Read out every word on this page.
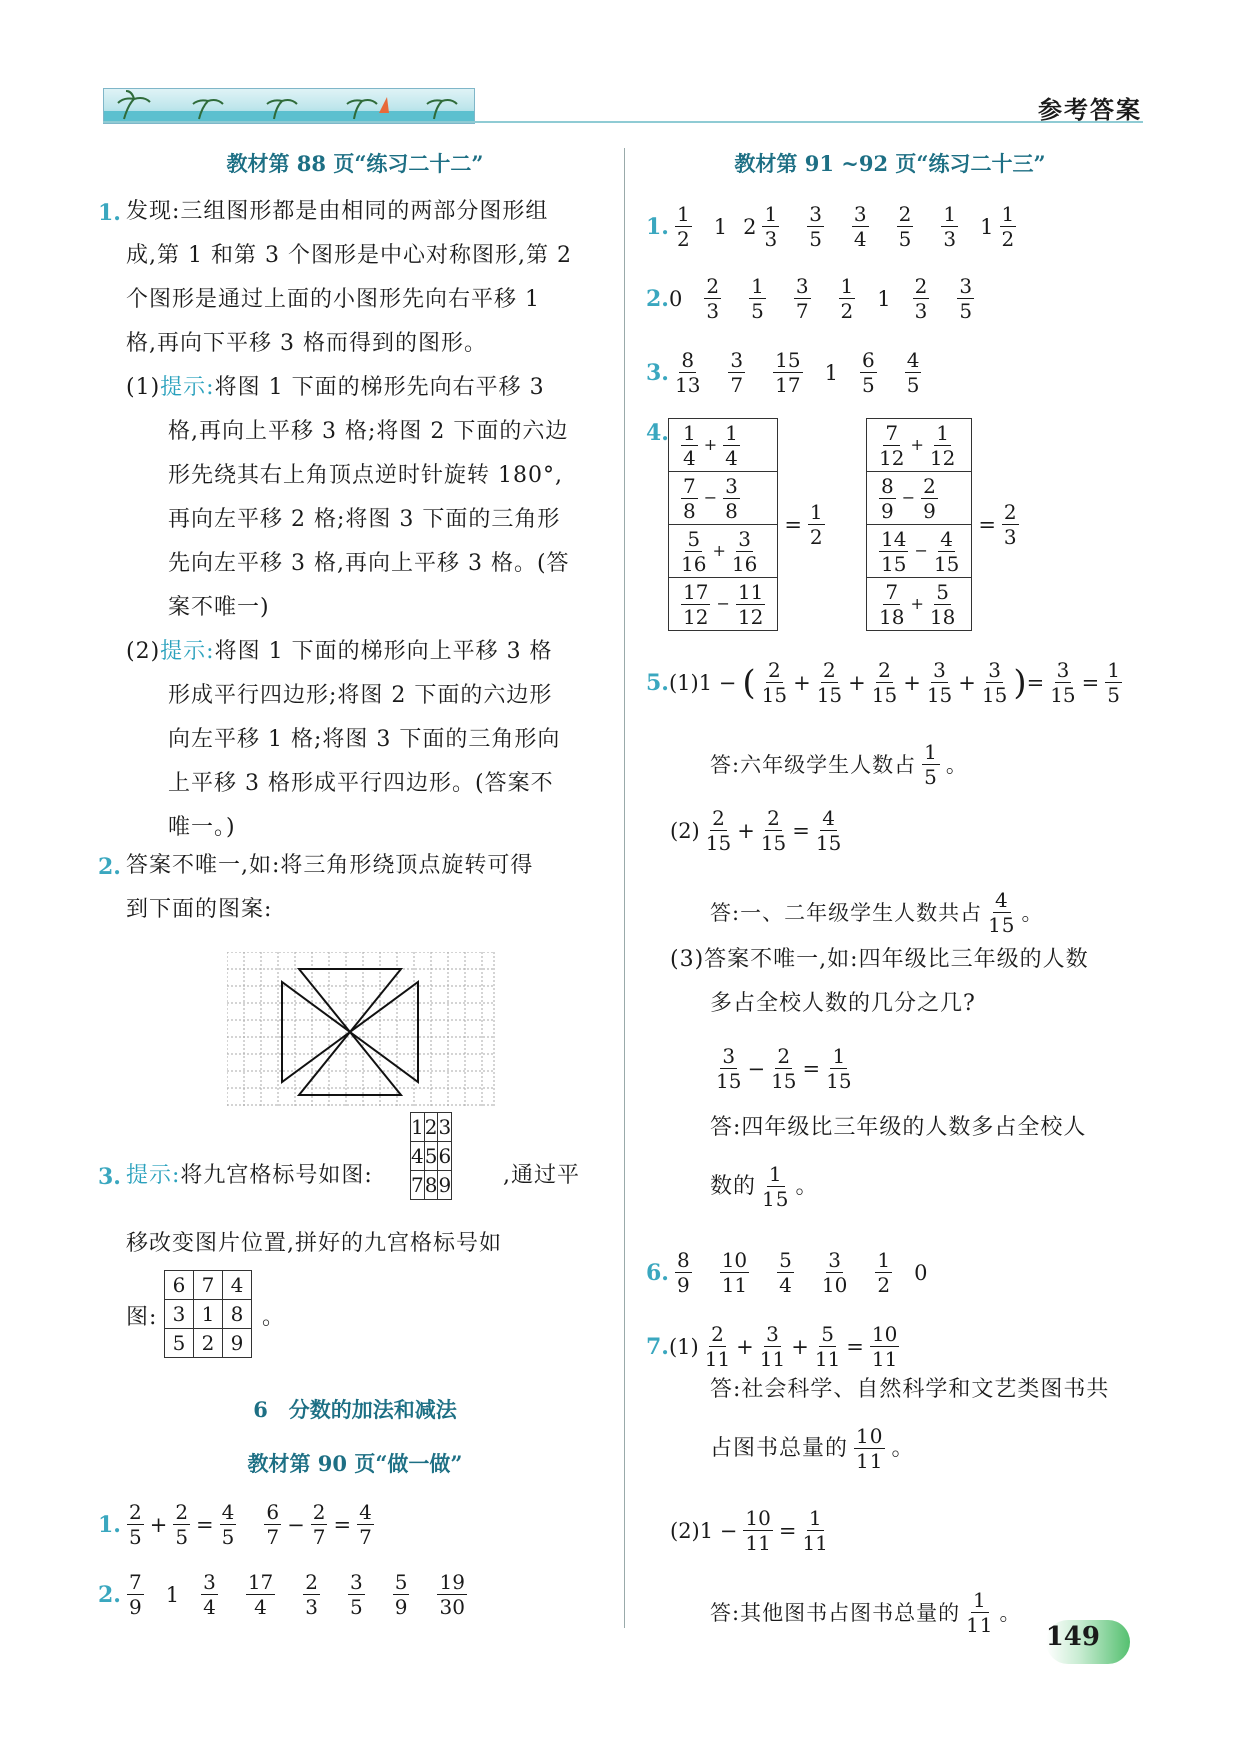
参考答案
教材第 88 页“练习二十二”
1. 发现:三组图形都是由相同的两部分图形组
成,第 1 和第 3 个图形是中心对称图形,第 2
个图形是通过上面的小图形先向右平移 1
格,再向下平移 3 格而得到的图形。
(1)提示:将图 1 下面的梯形先向右平移 3
格,再向上平移 3 格;将图 2 下面的六边
形先绕其右上角顶点逆时针旋转 180°,
再向左平移 2 格;将图 3 下面的三角形
先向左平移 3 格,再向上平移 3 格。(答
案不唯一)
(2)提示:将图 1 下面的梯形向上平移 3 格
形成平行四边形;将图 2 下面的六边形
向左平移 1 格;将图 3 下面的三角形向
上平移 3 格形成平行四边形。(答案不
唯一。)
2. 答案不唯一,如:将三角形绕顶点旋转可得
到下面的图案:
3. 提示:将九宫格标号如图:
1	2	3
4	5	6
7	8	9 ,通过平
移改变图片位置,拼好的九宫格标号如
图:
6	7	4
3	1	8
5	2	9
。
6　分数的加法和减法
教材第 90 页“做一做”
1. $\frac{2}{5} + \frac{2}{5} = \frac{4}{5} \frac{6}{7} - \frac{2}{7} = \frac{4}{7}$
2. $\frac{7}{9} 1 \frac{3}{4} \frac{17}{4} \frac{2}{3} \frac{3}{5} \frac{5}{9} \frac{19}{30}$
教材第 91 ~92 页“练习二十三”
1. $\frac{1}{2} 1$ $2 \frac{1}{3} \frac{3}{5} \frac{3}{4} \frac{2}{5} \frac{1}{3} 1 \frac{1}{2}$
2. $0 \frac{2}{3} \frac{1}{5} \frac{3}{7} \frac{1}{2} 1 \frac{2}{3} \frac{3}{5}$
3. $\frac{8}{13} \frac{3}{7} \frac{15}{17} 1 \frac{6}{5} \frac{4}{5}$
4. $\frac{1}{4} + \frac{1}{4}$

$\frac{7}{8} - \frac{3}{8}$

$\frac{5}{16} + \frac{3}{16}$

$\frac{17}{12} - \frac{11}{12}$
= $\frac{1}{2}$
$\frac{7}{12} + \frac{1}{12}$

$\frac{8}{9} - \frac{2}{9}$

$\frac{14}{15} - \frac{4}{15}$

$\frac{7}{18} + \frac{5}{18}$
= $\frac{2}{3}$
5. (1)1 − ( $\frac{2}{15} + \frac{2}{15} + \frac{2}{15} + \frac{3}{15} + \frac{3}{15}$ ) = $\frac{3}{15} = \frac{1}{5}$
答:六年级学生人数占 $\frac{1}{5}$ 。
$(2) \frac{2}{15} + \frac{2}{15} = \frac{4}{15}$
答:一、二年级学生人数共占 $\frac{4}{15}$ 。
(3)答案不唯一,如:四年级比三年级的人数
多占全校人数的几分之几?
$\frac{3}{15} - \frac{2}{15} = \frac{1}{15}$
答:四年级比三年级的人数多占全校人
数的 $\frac{1}{15}$ 。
6. $\frac{8}{9} \frac{10}{11} \frac{5}{4} \frac{3}{10} \frac{1}{2} 0$
7. $(1) \frac{2}{11} + \frac{3}{11} + \frac{5}{11} = \frac{10}{11}$
答:社会科学、自然科学和文艺类图书共
占图书总量的 $\frac{10}{11}$ 。
$(2)1 - \frac{10}{11} = \frac{1}{11}$
答:其他图书占图书总量的 $\frac{1}{11}$ 。
149
